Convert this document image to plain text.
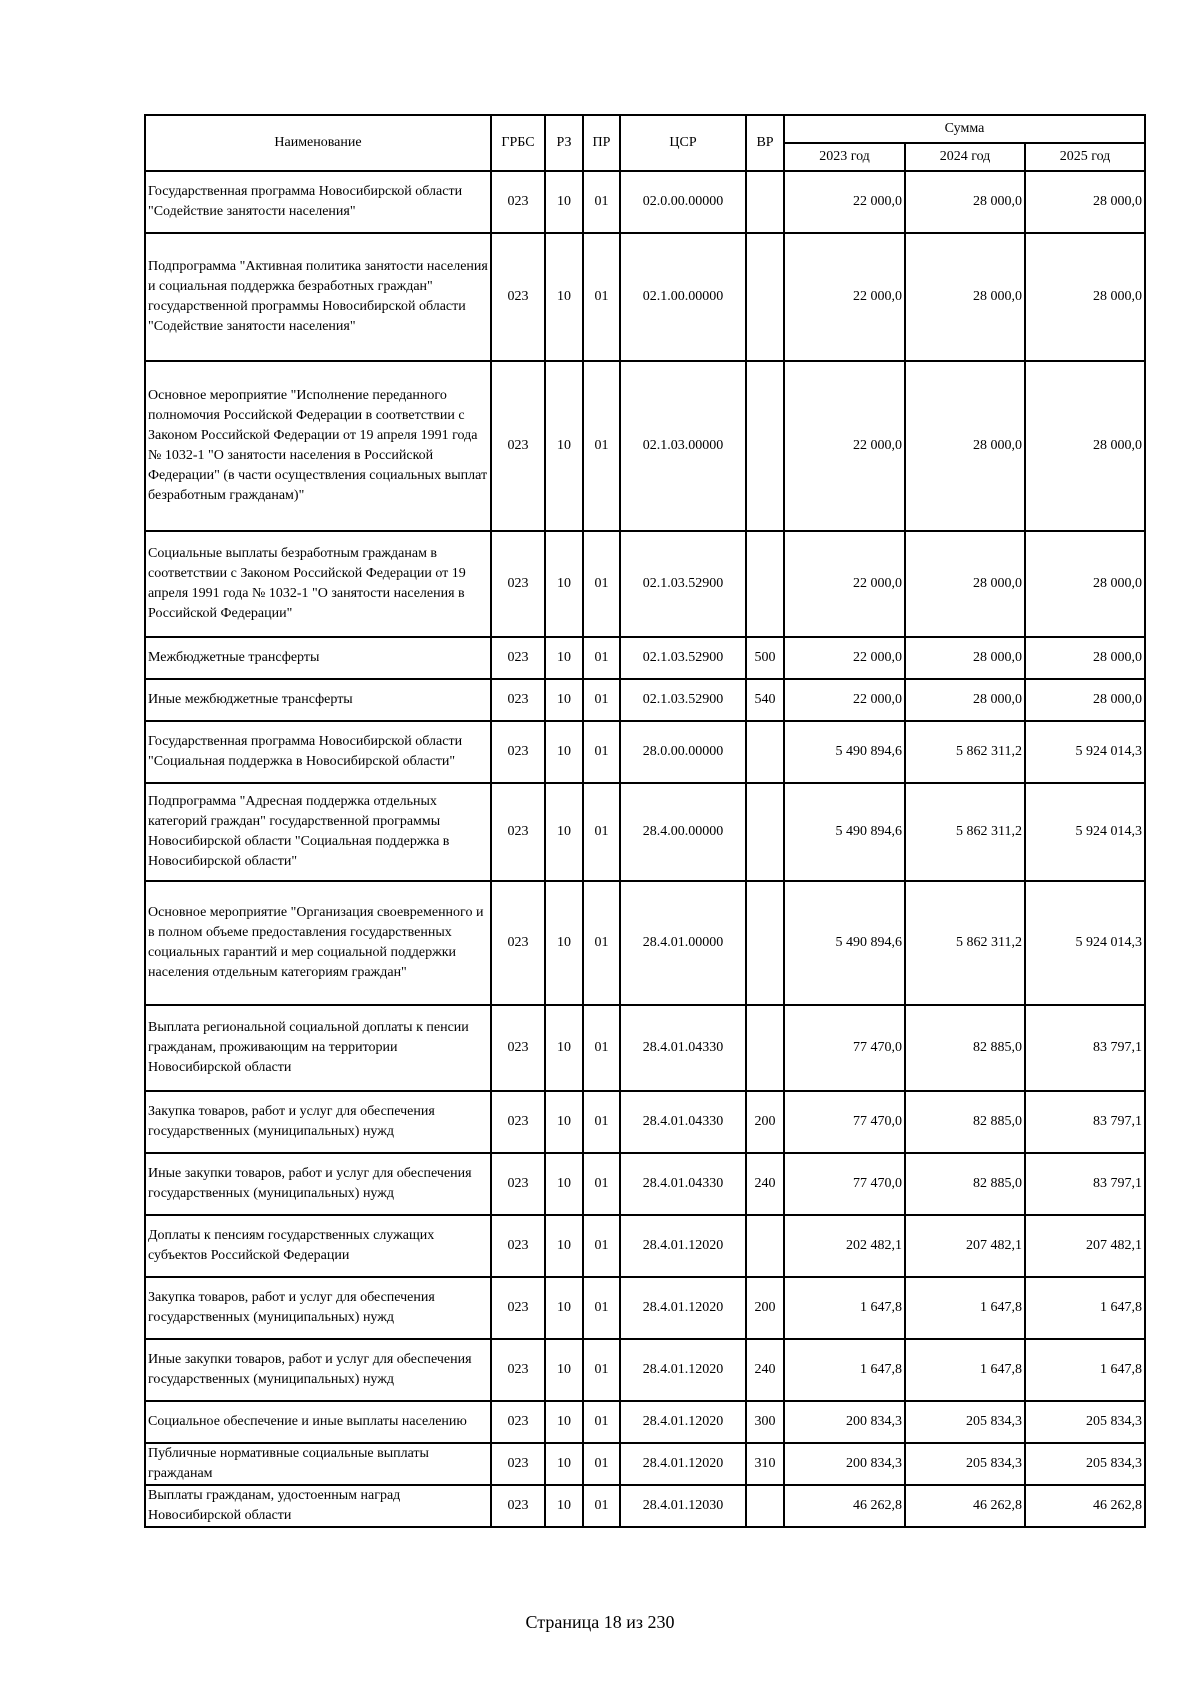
Наименование	ГРБС	РЗ	ПР	ЦСР	ВР	Сумма		
						2023 год	2024 год	2025 год
Государственная программа Новосибирской области "Содействие занятости населения"	023	10	01	02.0.00.00000		22 000,0	28 000,0	28 000,0
Подпрограмма "Активная политика занятости населения и социальная поддержка безработных граждан" государственной программы Новосибирской области "Содействие занятости населения"	023	10	01	02.1.00.00000		22 000,0	28 000,0	28 000,0
Основное мероприятие "Исполнение переданного полномочия Российской Федерации в соответствии с Законом Российской Федерации от 19 апреля 1991 года № 1032-1 "О занятости населения в Российской Федерации" (в части осуществления социальных выплат безработным гражданам)"	023	10	01	02.1.03.00000		22 000,0	28 000,0	28 000,0
Социальные выплаты безработным гражданам в соответствии с Законом Российской Федерации от 19 апреля 1991 года № 1032-1 "О занятости населения в Российской Федерации"	023	10	01	02.1.03.52900		22 000,0	28 000,0	28 000,0
Межбюджетные трансферты	023	10	01	02.1.03.52900	500	22 000,0	28 000,0	28 000,0
Иные межбюджетные трансферты	023	10	01	02.1.03.52900	540	22 000,0	28 000,0	28 000,0
Государственная программа Новосибирской области "Социальная поддержка в Новосибирской области"	023	10	01	28.0.00.00000		5 490 894,6	5 862 311,2	5 924 014,3
Подпрограмма "Адресная поддержка отдельных категорий граждан" государственной программы Новосибирской области "Социальная поддержка в Новосибирской области"	023	10	01	28.4.00.00000		5 490 894,6	5 862 311,2	5 924 014,3
Основное мероприятие "Организация своевременного и в полном объеме предоставления государственных социальных гарантий и мер социальной поддержки населения отдельным категориям граждан"	023	10	01	28.4.01.00000		5 490 894,6	5 862 311,2	5 924 014,3
Выплата региональной социальной доплаты к пенсии гражданам, проживающим на территории Новосибирской области	023	10	01	28.4.01.04330		77 470,0	82 885,0	83 797,1
Закупка товаров, работ и услуг для обеспечения государственных (муниципальных) нужд	023	10	01	28.4.01.04330	200	77 470,0	82 885,0	83 797,1
Иные закупки товаров, работ и услуг для обеспечения государственных (муниципальных) нужд	023	10	01	28.4.01.04330	240	77 470,0	82 885,0	83 797,1
Доплаты к пенсиям государственных служащих субъектов Российской Федерации	023	10	01	28.4.01.12020		202 482,1	207 482,1	207 482,1
Закупка товаров, работ и услуг для обеспечения государственных (муниципальных) нужд	023	10	01	28.4.01.12020	200	1 647,8	1 647,8	1 647,8
Иные закупки товаров, работ и услуг для обеспечения государственных (муниципальных) нужд	023	10	01	28.4.01.12020	240	1 647,8	1 647,8	1 647,8
Социальное обеспечение и иные выплаты населению	023	10	01	28.4.01.12020	300	200 834,3	205 834,3	205 834,3
Публичные нормативные социальные выплаты гражданам	023	10	01	28.4.01.12020	310	200 834,3	205 834,3	205 834,3
Выплаты гражданам, удостоенным наград Новосибирской области	023	10	01	28.4.01.12030		46 262,8	46 262,8	46 262,8
Страница 18 из 230
